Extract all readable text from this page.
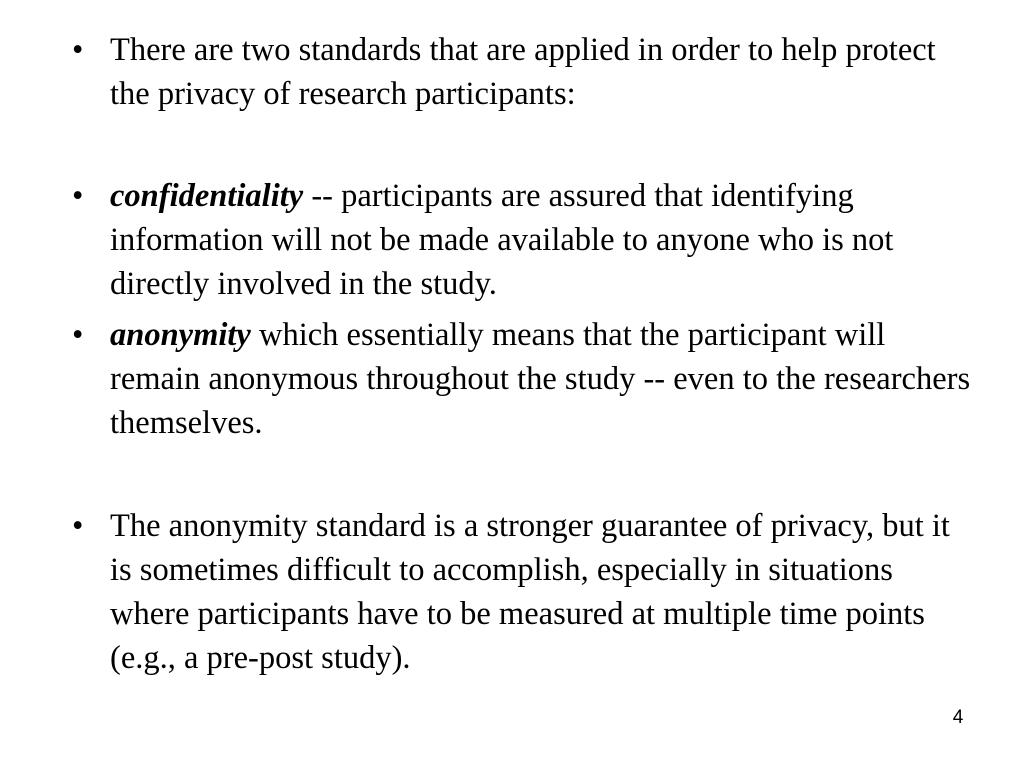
• There are two standards that are applied in order to help protect the privacy of research participants:
• confidentiality -- participants are assured that identifying information will not be made available to anyone who is not directly involved in the study.
• anonymity which essentially means that the participant will remain anonymous throughout the study -- even to the researchers themselves.
• The anonymity standard is a stronger guarantee of privacy, but it is sometimes difficult to accomplish, especially in situations where participants have to be measured at multiple time points (e.g., a pre-post study).
4
